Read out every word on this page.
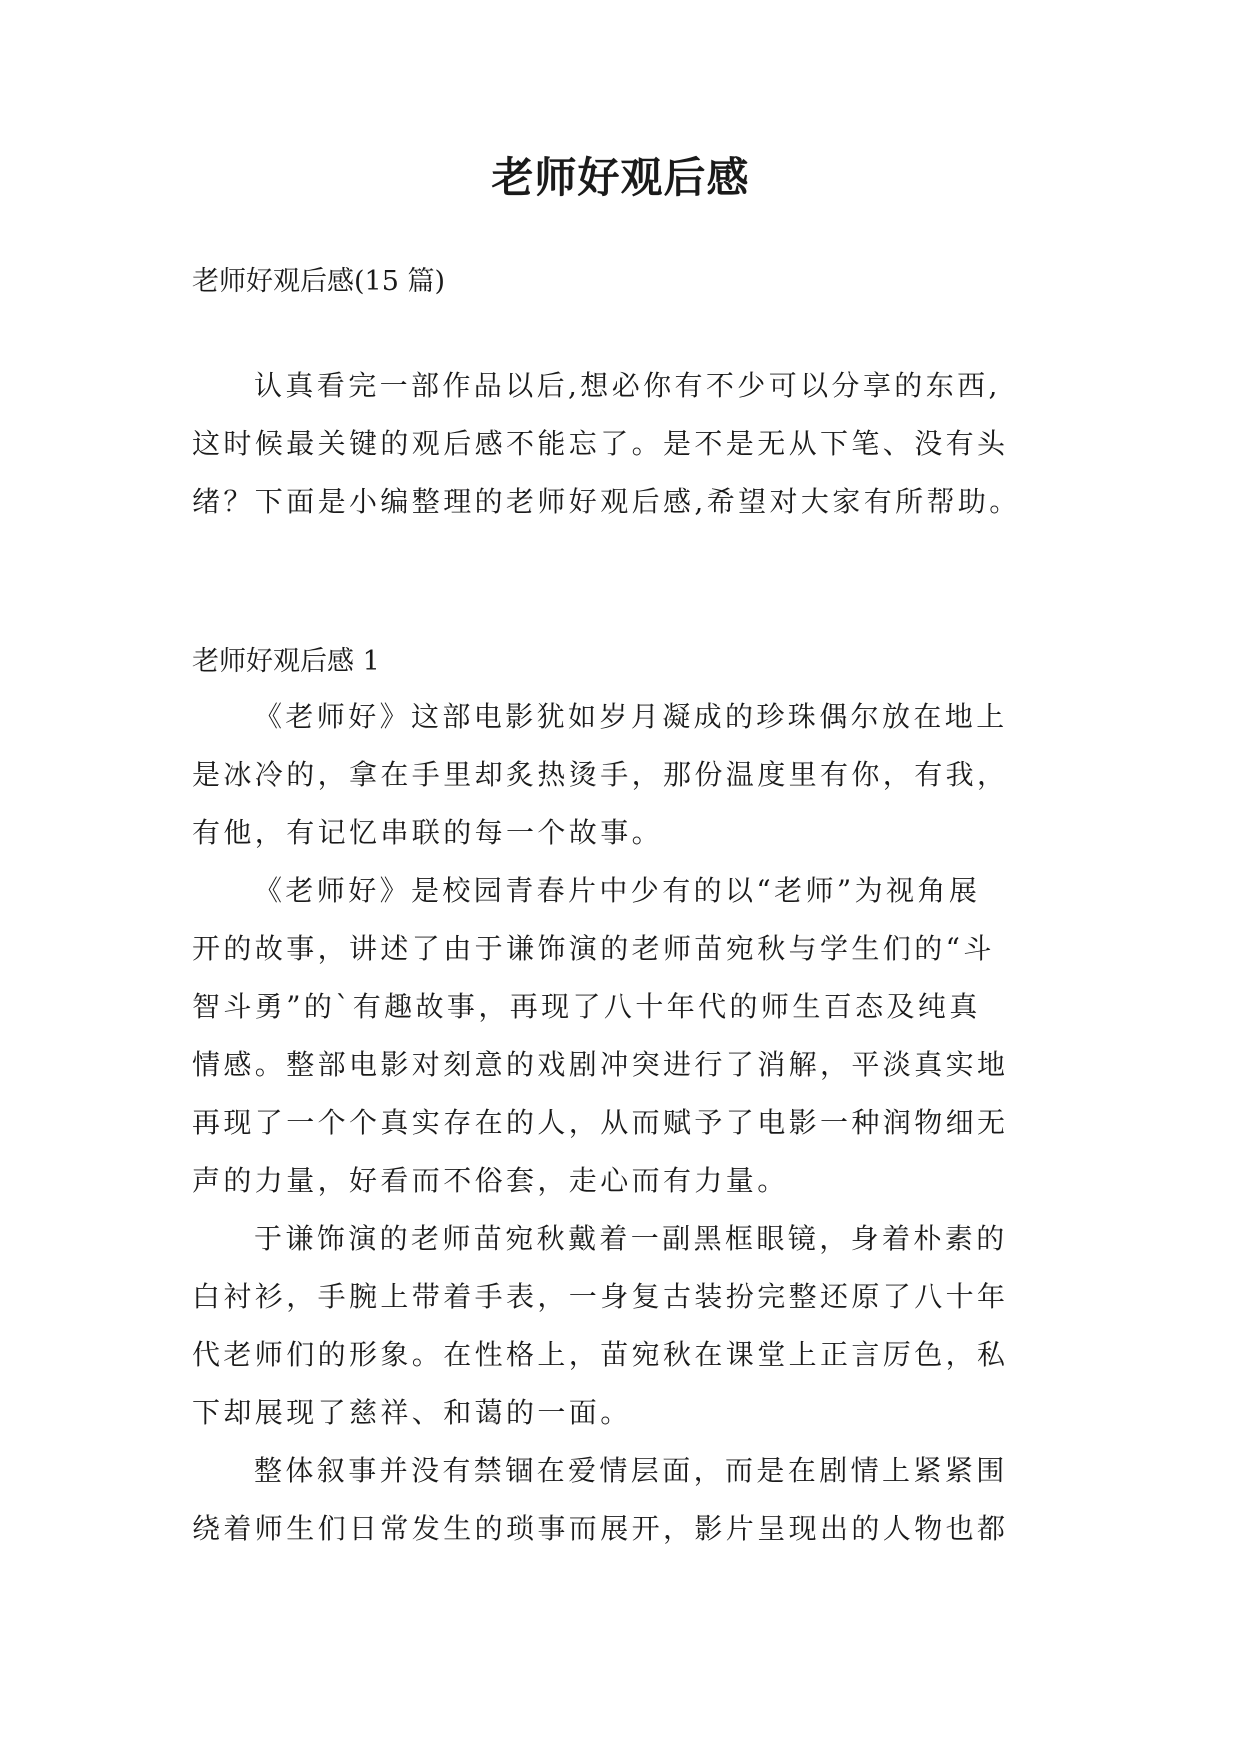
老师好观后感

老师好观后感(15 篇)

认真看完一部作品以后,想必你有不少可以分享的东西,
这时候最关键的观后感不能忘了。是不是无从下笔、没有头
绪？下面是小编整理的老师好观后感,希望对大家有所帮助。

老师好观后感 1

《老师好》这部电影犹如岁月凝成的珍珠偶尔放在地上
是冰冷的，拿在手里却炙热烫手，那份温度里有你，有我，
有他，有记忆串联的每一个故事。
《老师好》是校园青春片中少有的以“老师”为视角展
开的故事，讲述了由于谦饰演的老师苗宛秋与学生们的“斗
智斗勇”的`有趣故事，再现了八十年代的师生百态及纯真
情感。整部电影对刻意的戏剧冲突进行了消解，平淡真实地
再现了一个个真实存在的人，从而赋予了电影一种润物细无
声的力量，好看而不俗套，走心而有力量。
于谦饰演的老师苗宛秋戴着一副黑框眼镜，身着朴素的
白衬衫，手腕上带着手表，一身复古装扮完整还原了八十年
代老师们的形象。在性格上，苗宛秋在课堂上正言厉色，私
下却展现了慈祥、和蔼的一面。
整体叙事并没有禁锢在爱情层面，而是在剧情上紧紧围
绕着师生们日常发生的琐事而展开，影片呈现出的人物也都
